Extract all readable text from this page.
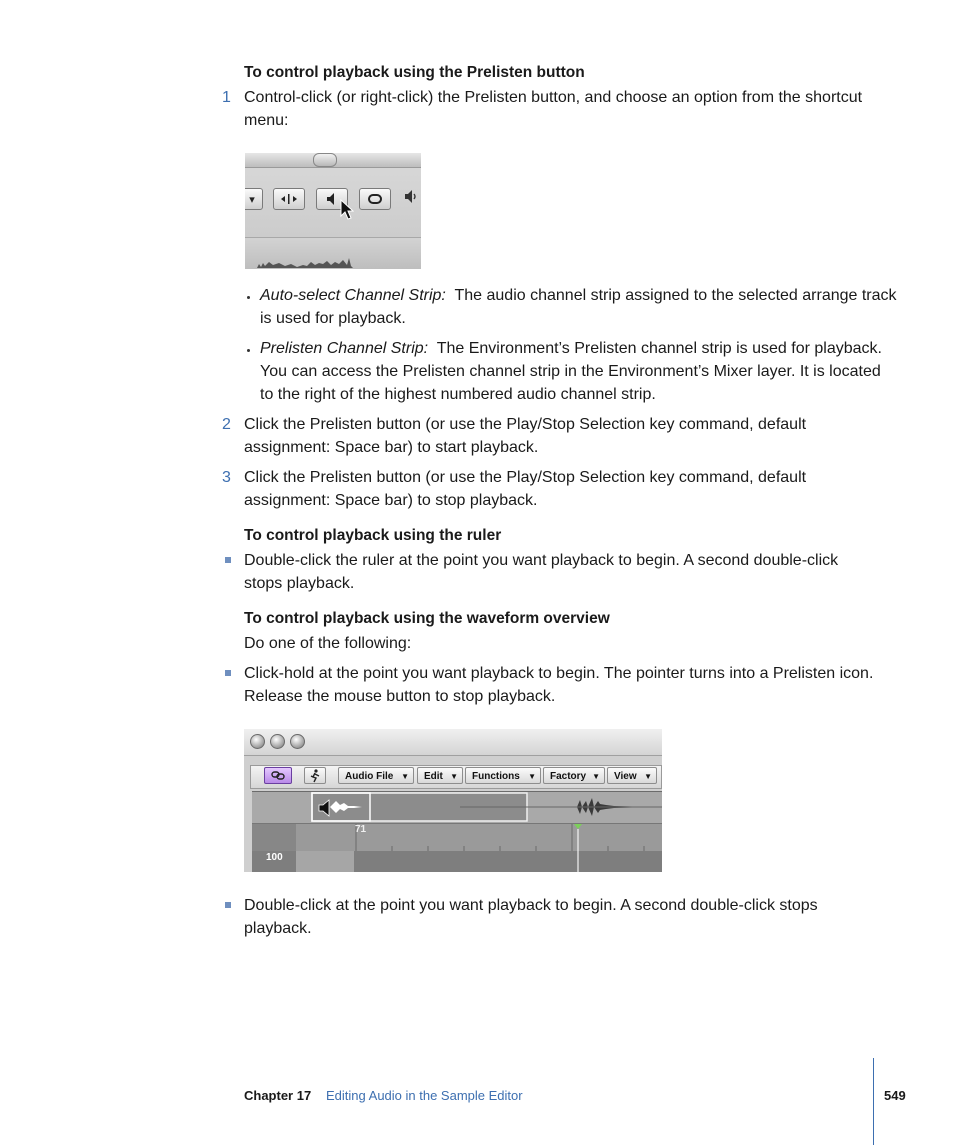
To control playback using the Prelisten button
1 Control-click (or right-click) the Prelisten button, and choose an option from the shortcut
menu:
▾
Auto-select Channel Strip: The audio channel strip assigned to the selected arrange track
is used for playback.
Prelisten Channel Strip: The Environment’s Prelisten channel strip is used for playback.
You can access the Prelisten channel strip in the Environment’s Mixer layer. It is located
to the right of the highest numbered audio channel strip.
2 Click the Prelisten button (or use the Play/Stop Selection key command, default
assignment: Space bar) to start playback.
3 Click the Prelisten button (or use the Play/Stop Selection key command, default
assignment: Space bar) to stop playback.
To control playback using the ruler
Double-click the ruler at the point you want playback to begin. A second double-click
stops playback.
To control playback using the waveform overview
Do one of the following:
Click-hold at the point you want playback to begin. The pointer turns into a Prelisten icon.
Release the mouse button to stop playback.
Audio File ▼	Edit ▼	Functions ▼	Factory ▼	View ▼
71
100
Double-click at the point you want playback to begin. A second double-click stops
playback.
Chapter 17 Editing Audio in the Sample Editor	549
